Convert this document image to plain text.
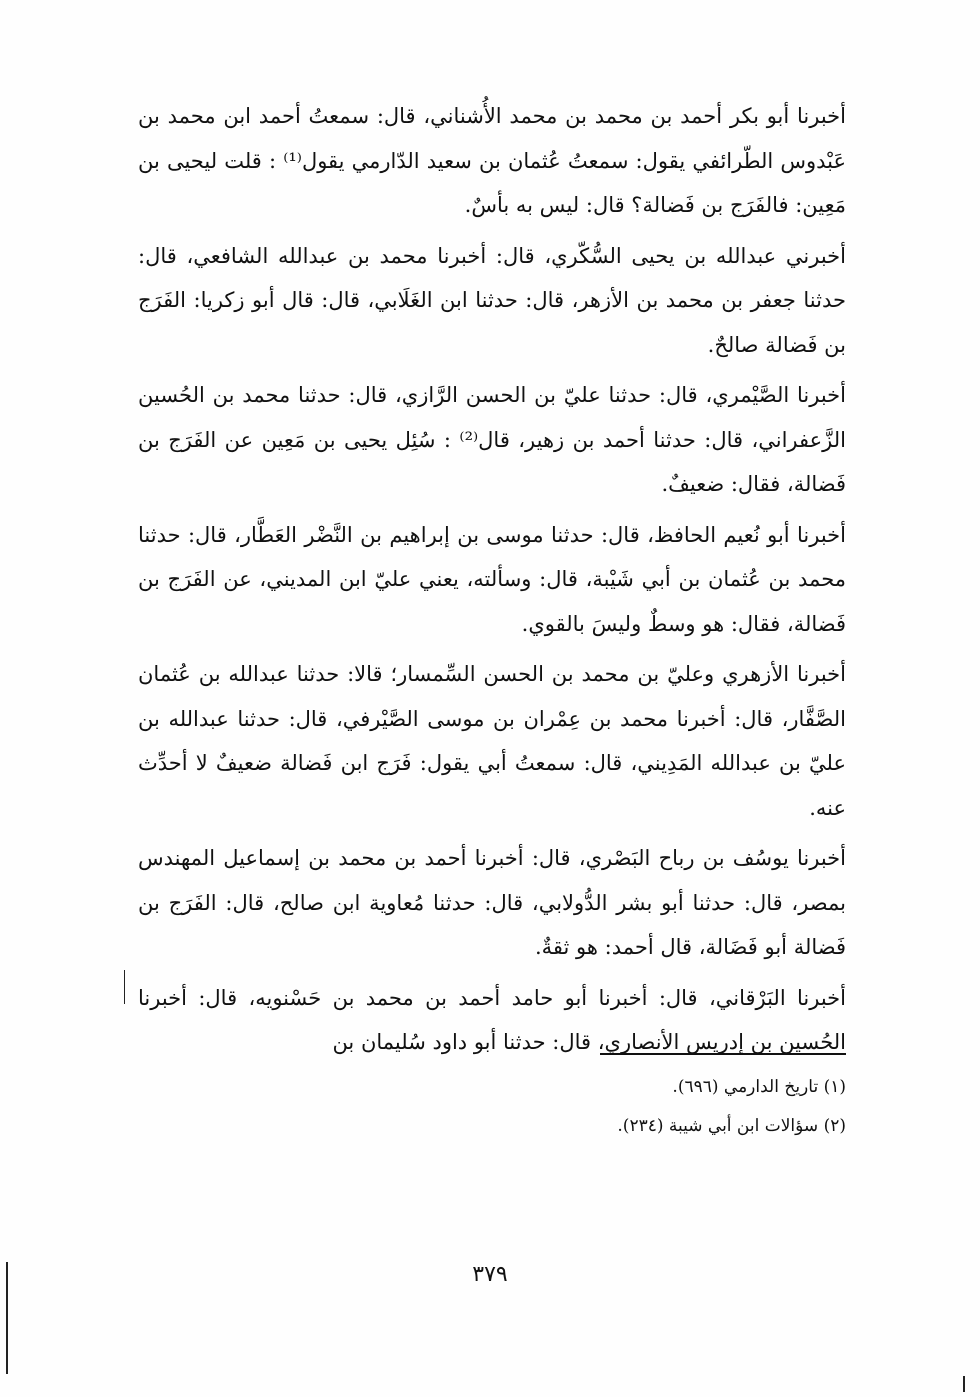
أخبرنا أبو بكر أحمد بن محمد بن محمد الأُشناني، قال: سمعتُ أحمد ابن محمد بن عَبْدوس الطّرائفي يقول: سمعتُ عُثمان بن سعيد الدّارمي يقول⁽¹⁾ : قلت ليحيى بن مَعِين: فالفَرَج بن فَضالة؟ قال: ليس به بأسٌ.

أخبرني عبدالله بن يحيى السُّكّري، قال: أخبرنا محمد بن عبدالله الشافعي، قال: حدثنا جعفر بن محمد بن الأزهر، قال: حدثنا ابن الغَلَابي، قال: قال أبو زكريا: الفَرَج بن فَضالة صالحٌ.

أخبرنا الصَّيْمري، قال: حدثنا عليّ بن الحسن الرَّازي، قال: حدثنا محمد بن الحُسين الزَّعفراني، قال: حدثنا أحمد بن زهير، قال⁽²⁾ : سُئِل يحيى بن مَعِين عن الفَرَج بن فَضالة، فقال: ضعيفٌ.

أخبرنا أبو نُعيم الحافظ، قال: حدثنا موسى بن إبراهيم بن النَّضْر العَطَّار، قال: حدثنا محمد بن عُثمان بن أبي شَيْبة، قال: وسألته، يعني عليّ ابن المديني، عن الفَرَج بن فَضالة، فقال: هو وسطٌ وليسَ بالقوي.

أخبرنا الأزهري وعليّ بن محمد بن الحسن السِّمسار؛ قالا: حدثنا عبدالله بن عُثمان الصَّفَّار، قال: أخبرنا محمد بن عِمْران بن موسى الصَّيْرفي، قال: حدثنا عبدالله بن عليّ بن عبدالله المَدِيني، قال: سمعتُ أبي يقول: فَرَج ابن فَضالة ضعيفٌ لا أحدِّث عنه.

أخبرنا يوسُف بن رباح البَصْري، قال: أخبرنا أحمد بن محمد بن إسماعيل المهندس بمصر، قال: حدثنا أبو بشر الدُّولابي، قال: حدثنا مُعاوية ابن صالح، قال: الفَرَج بن فَضالة أبو فَضَالة، قال أحمد: هو ثقةٌ.

أخبرنا البَرْقاني، قال: أخبرنا أبو حامد أحمد بن محمد بن حَسْنويه، قال: أخبرنا الحُسين بن إدريس الأنصاري، قال: حدثنا أبو داود سُليمان بن

(١) تاريخ الدارمي (٦٩٦).

(٢) سؤالات ابن أبي شيبة (٢٣٤).

٣٧٩
